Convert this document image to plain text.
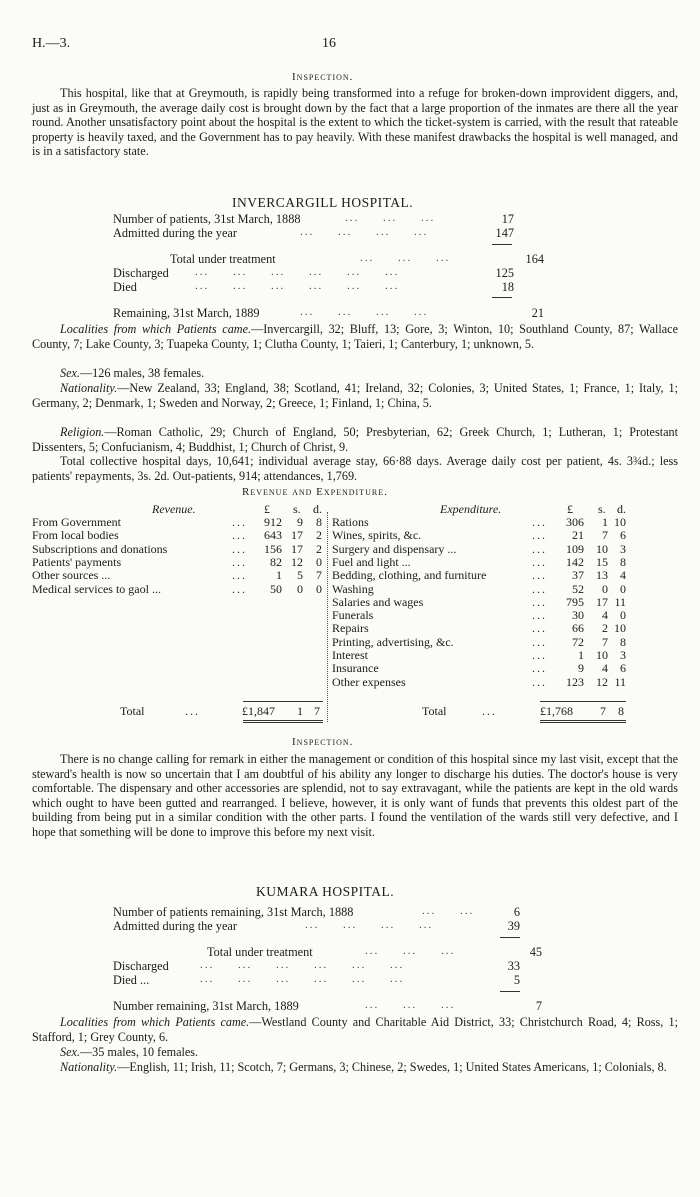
H.—3.	16
Inspection.
This hospital, like that at Greymouth, is rapidly being transformed into a refuge for broken-down improvident diggers, and, just as in Greymouth, the average daily cost is brought down by the fact that a large proportion of the inmates are there all the year round. Another unsatisfactory point about the hospital is the extent to which the ticket-system is carried, with the result that rateable property is heavily taxed, and the Government has to pay heavily. With these manifest drawbacks the hospital is well managed, and is in a satisfactory state.
INVERCARGILL HOSPITAL.
Number of patients, 31st March, 1888	...     ...     ...	17
Admitted during the year	...     ...     ...     ...	147
Total under treatment	...     ...     ...	164
Discharged ...     ...     ...     ...     ...     ...	125
Died	...     ...     ...     ...     ...     ...	18
Remaining, 31st March, 1889	...     ...     ...     ...	21
Localities from which Patients came.—Invercargill, 32; Bluff, 13; Gore, 3; Winton, 10; Southland County, 87; Wallace County, 7; Lake County, 3; Tuapeka County, 1; Clutha County, 1; Taieri, 1; Canterbury, 1; unknown, 5.
Sex.—126 males, 38 females.
Nationality.—New Zealand, 33; England, 38; Scotland, 41; Ireland, 32; Colonies, 3; United States, 1; France, 1; Italy, 1; Germany, 2; Denmark, 1; Sweden and Norway, 2; Greece, 1; Finland, 1; China, 5.
Religion.—Roman Catholic, 29; Church of England, 50; Presbyterian, 62; Greek Church, 1; Lutheran, 1; Protestant Dissenters, 5; Confucianism, 4; Buddhist, 1; Church of Christ, 9.
Total collective hospital days, 10,641; individual average stay, 66·88 days. Average daily cost per patient, 4s. 3¾d.; less patients' repayments, 3s. 2d. Out-patients, 914; attendances, 1,769.
Revenue and Expenditure.
Revenue.	£ s. d.
From Government	...	912	9	8
From local bodies	...	643 17	2
Subscriptions and donations	...	156 17	2
Patients' payments	...	82 12	0
Other sources ...	...	1	5	7
Medical services to gaol ...	...	50	0	0
Total	...	£1,847 1 7
Expenditure.	£ s. d.
Rations	...	306	1 10
Wines, spirits, &c.	...	21	7	6
Surgery and dispensary ...	...	109	10	3
Fuel and light ...	...	142	15	8
Bedding, clothing, and furniture	...	37	13	4
Washing	...	52	0	0
Salaries and wages	...	795	17 11
Funerals	...	30	4	0
Repairs	...	66	2 10
Printing, advertising, &c.	...	72	7	8
Interest	...	1	10	3
Insurance	...	9	4	6
Other expenses	...	123	12 11
Total	...	£1,768 7 8
Inspection.
There is no change calling for remark in either the management or condition of this hospital since my last visit, except that the steward's health is now so uncertain that I am doubtful of his ability any longer to discharge his duties. The doctor's house is very comfortable. The dispensary and other accessories are splendid, not to say extravagant, while the patients are kept in the old wards which ought to have been gutted and rearranged. I believe, however, it is only want of funds that prevents this oldest part of the building from being put in a similar condition with the other parts. I found the ventilation of the wards still very defective, and I hope that something will be done to improve this before my next visit.
KUMARA HOSPITAL.
Number of patients remaining, 31st March, 1888	...     ...	6
Admitted during the year	...     ...     ...     ...	39
Total under treatment	...     ...     ...	45
Discharged	...     ...     ...     ...     ...     ...	33
Died ...	...     ...     ...     ...     ...     ...	5
Number remaining, 31st March, 1889	...     ...     ...	7
Localities from which Patients came.—Westland County and Charitable Aid District, 33; Christchurch Road, 4; Ross, 1; Stafford, 1; Grey County, 6.
Sex.—35 males, 10 females.
Nationality.—English, 11; Irish, 11; Scotch, 7; Germans, 3; Chinese, 2; Swedes, 1; United States Americans, 1; Colonials, 8.
